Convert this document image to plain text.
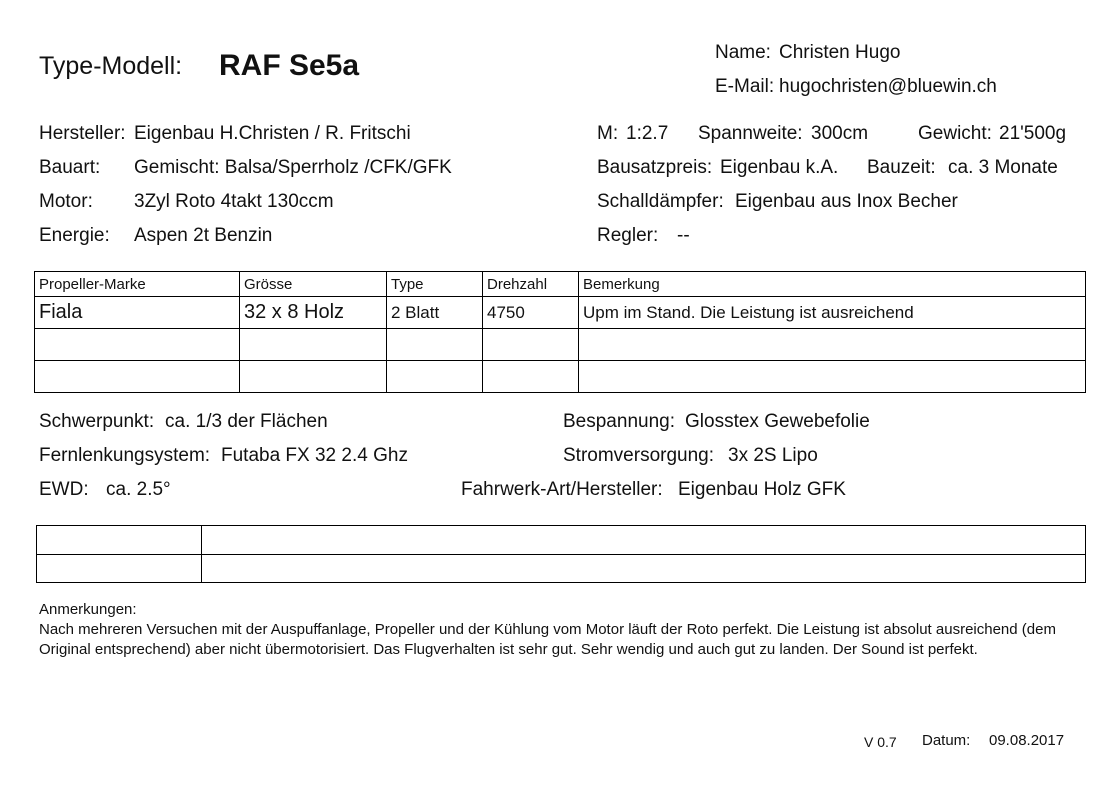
Type-Modell: RAF Se5a	Name: Christen Hugo
E-Mail: hugochristen@bluewin.ch
Hersteller: Eigenbau H.Christen / R. Fritschi
Bauart: Gemischt: Balsa/Sperrholz /CFK/GFK
Motor: 3Zyl Roto 4takt 130ccm
Energie: Aspen 2t Benzin
M: 1:2.7 Spannweite: 300cm	Gewicht: 21'500g
Bausatzpreis: Eigenbau k.A. Bauzeit: ca. 3 Monate
Schalldämpfer: Eigenbau aus Inox Becher
Regler: --
Propeller-Marke	Grösse	Type	Drehzahl	Bemerkung
Fiala	32 x 8 Holz	2 Blatt	4750	Upm im Stand. Die Leistung ist ausreichend

Schwerpunkt: ca. 1/3 der Flächen
Fernlenkungsystem: Futaba FX 32 2.4 Ghz
EWD: ca. 2.5°
Bespannung: Glosstex Gewebefolie
Stromversorgung: 3x 2S Lipo
Fahrwerk-Art/Hersteller: Eigenbau Holz GFK

Anmerkungen:
Nach mehreren Versuchen mit der Auspuffanlage, Propeller und der Kühlung vom Motor läuft der Roto perfekt. Die Leistung ist absolut ausreichend (dem Original entsprechend) aber nicht übermotorisiert. Das Flugverhalten ist sehr gut. Sehr wendig und auch gut zu landen. Der Sound ist perfekt.
V 0.7 Datum: 09.08.2017
